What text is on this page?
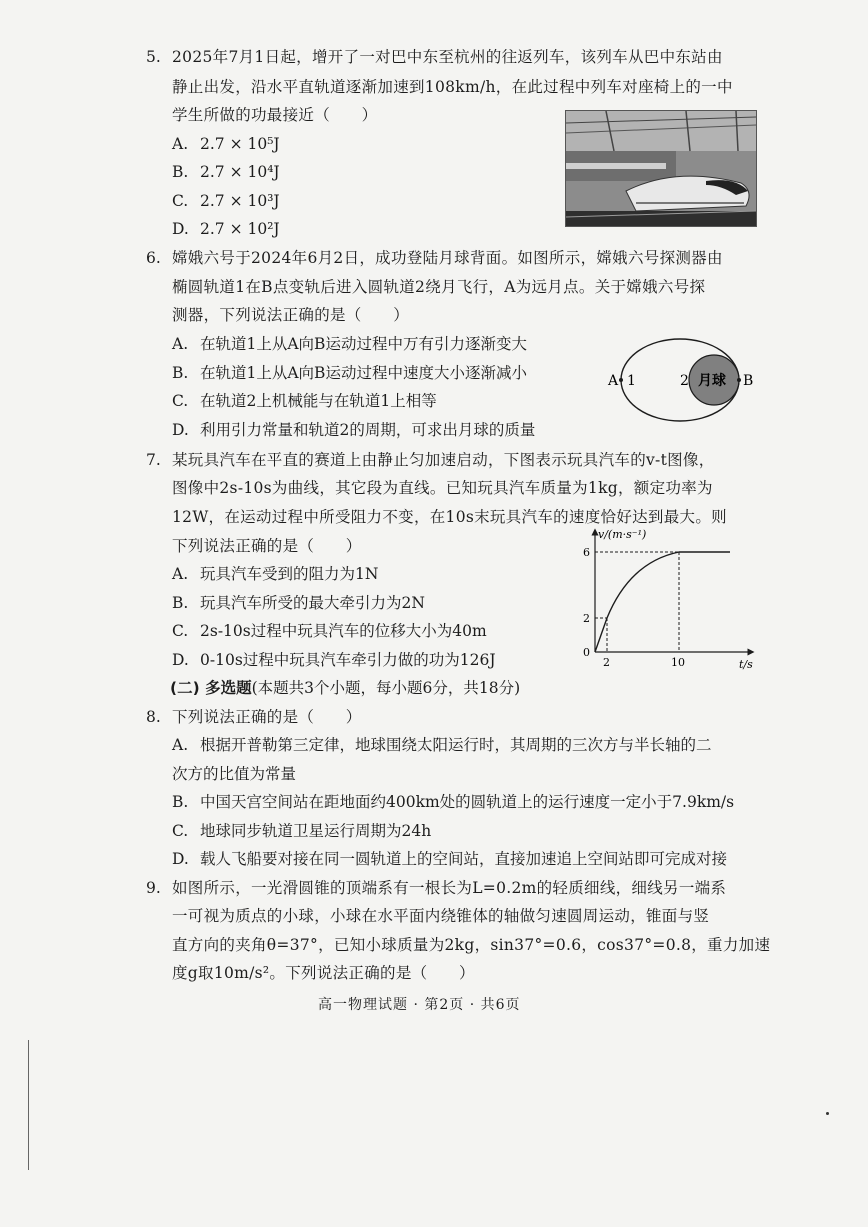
5. 2025年7月1日起，增开了一对巴中东至杭州的往返列车，该列车从巴中东站由
静止出发，沿水平直轨道逐渐加速到108km/h，在此过程中列车对座椅上的一中
学生所做的功最接近（　　）
A. 2.7 × 10⁵J
B. 2.7 × 10⁴J
C. 2.7 × 10³J
D. 2.7 × 10²J
6. 嫦娥六号于2024年6月2日，成功登陆月球背面。如图所示，嫦娥六号探测器由
椭圆轨道1在B点变轨后进入圆轨道2绕月飞行，A为远月点。关于嫦娥六号探
测器，下列说法正确的是（　　）
A. 在轨道1上从A向B运动过程中万有引力逐渐变大
B. 在轨道1上从A向B运动过程中速度大小逐渐减小
C. 在轨道2上机械能与在轨道1上相等
D. 利用引力常量和轨道2的周期，可求出月球的质量
A 1	2 月球 B
7. 某玩具汽车在平直的赛道上由静止匀加速启动，下图表示玩具汽车的v-t图像，
图像中2s-10s为曲线，其它段为直线。已知玩具汽车质量为1kg，额定功率为
12W，在运动过程中所受阻力不变，在10s末玩具汽车的速度恰好达到最大。则
下列说法正确的是（　　）
A. 玩具汽车受到的阻力为1N
B. 玩具汽车所受的最大牵引力为2N
C. 2s-10s过程中玩具汽车的位移大小为40m
D. 0-10s过程中玩具汽车牵引力做的功为126J
v/(m·s⁻¹)
t/s
0
2
6
2	10
(二) 多选题(本题共3个小题，每小题6分，共18分)
8. 下列说法正确的是（　　）
A. 根据开普勒第三定律，地球围绕太阳运行时，其周期的三次方与半长轴的二
次方的比值为常量
B. 中国天宫空间站在距地面约400km处的圆轨道上的运行速度一定小于7.9km/s
C. 地球同步轨道卫星运行周期为24h
D. 载人飞船要对接在同一圆轨道上的空间站，直接加速追上空间站即可完成对接
9. 如图所示，一光滑圆锥的顶端系有一根长为L=0.2m的轻质细线，细线另一端系
一可视为质点的小球，小球在水平面内绕锥体的轴做匀速圆周运动，锥面与竖
直方向的夹角θ=37°，已知小球质量为2kg，sin37°=0.6，cos37°=0.8，重力加速
度g取10m/s²。下列说法正确的是（　　）
高一物理试题 · 第2页 · 共6页
